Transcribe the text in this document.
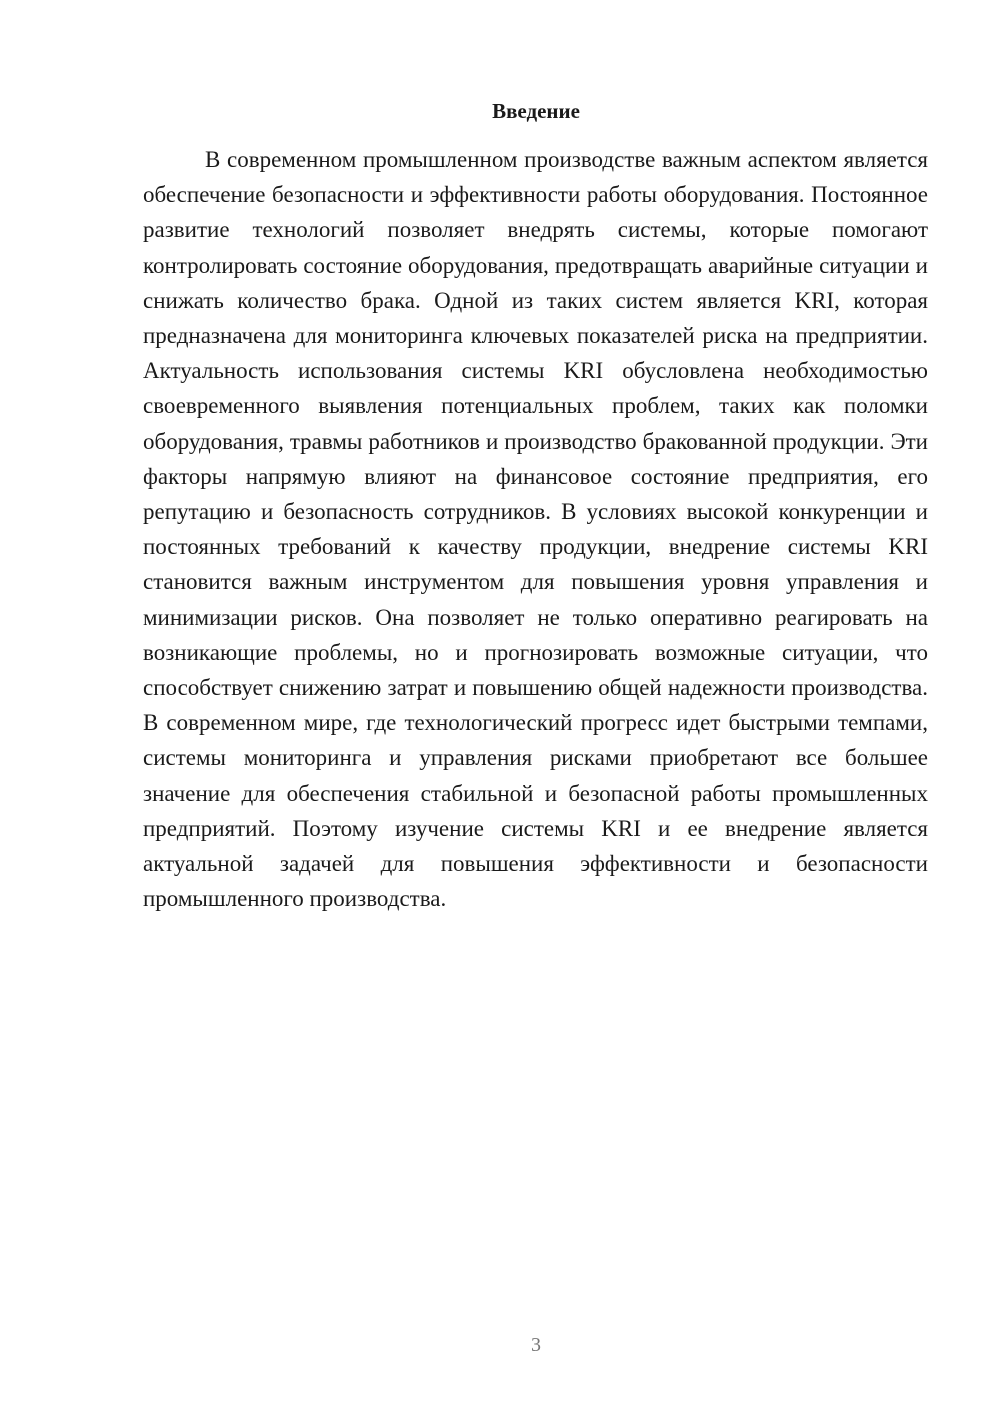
Введение

В современном промышленном производстве важным аспектом является обеспечение безопасности и эффективности работы оборудования. Постоянное развитие технологий позволяет внедрять системы, которые помогают контролировать состояние оборудования, предотвращать аварийные ситуации и снижать количество брака. Одной из таких систем является KRI, которая предназначена для мониторинга ключевых показателей риска на предприятии. Актуальность использования системы KRI обусловлена необходимостью своевременного выявления потенциальных проблем, таких как поломки оборудования, травмы работников и производство бракованной продукции. Эти факторы напрямую влияют на финансовое состояние предприятия, его репутацию и безопасность сотрудников. В условиях высокой конкуренции и постоянных требований к качеству продукции, внедрение системы KRI становится важным инструментом для повышения уровня управления и минимизации рисков. Она позволяет не только оперативно реагировать на возникающие проблемы, но и прогнозировать возможные ситуации, что способствует снижению затрат и повышению общей надежности производства. В современном мире, где технологический прогресс идет быстрыми темпами, системы мониторинга и управления рисками приобретают все большее значение для обеспечения стабильной и безопасной работы промышленных предприятий. Поэтому изучение системы KRI и ее внедрение является актуальной задачей для повышения эффективности и безопасности промышленного производства.

3
